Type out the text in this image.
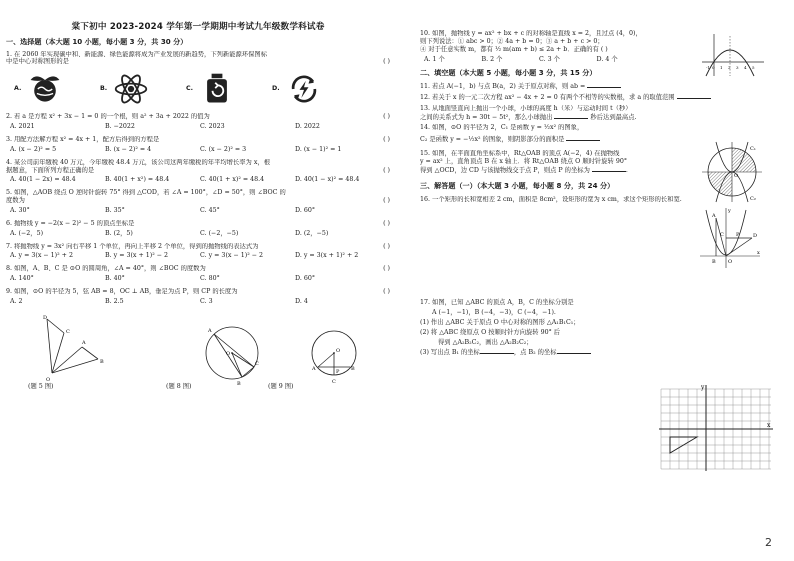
棠下初中 2023-2024 学年第一学期期中考试九年级数学科试卷
一、选择题（本大题 10 小题，每小题 3 分，共 30 分）
1. 在 2060 年实现碳中和、新能源、绿色能源将成为产业发展的新趋势，下列新能源环保图标
中是中心对称图形的是	( )
A.	B.	C.	D.
2. 若 a 是方程 x² + 3x − 1 = 0 的一个根，则 a² + 3a + 2022 的值为	( )
A. 2021	B. −2022	C. 2023	D. 2022
3. 用配方法解方程 x² = 4x + 1，配方后得到的方程是	( )
A. (x − 2)² = 5	B. (x − 2)² = 4	C. (x − 2)² = 3	D. (x − 1)² = 1
4. 某公司前年缴税 40 万元，今年缴税 48.4 万元，该公司这两年缴税的年平均增长率为 x，根
据题意，下面所列方程正确的是	( )
A. 40(1 − 2x) = 48.4	B. 40(1 + x²) = 48.4	C. 40(1 + x)² = 48.4	D. 40(1 − x)² = 48.4
5. 如图，△AOB 绕点 O 逆时针旋转 75° 得到 △COD，若 ∠A = 100°，∠D = 50°，则 ∠BOC 的
度数为	( )
A. 30°	B. 35°	C. 45°	D. 60°
6. 抛物线 y = −2(x − 2)² − 5 的顶点坐标是	( )
A. (−2，5)	B. (2，5)	C. (−2，−5)	D. (2，−5)
7. 将抛物线 y = 3x² 向右平移 1 个单位，再向上平移 2 个单位，得到的抛物线的表达式为	( )
A. y = 3(x − 1)² + 2	B. y = 3(x + 1)² − 2	C. y = 3(x − 1)² − 2	D. y = 3(x + 1)² + 2
8. 如图，A、B、C 是 ⊙O 的圆周角，∠A = 40°，则 ∠BOC 的度数为	( )
A. 140°	B. 40°	C. 80°	D. 60°
9. 如图，⊙O 的半径为 5，弦 AB = 8，OC ⊥ AB，垂足为点 P，则 CP 的长度为	( )
A. 2	B. 2.5	C. 3	D. 4
D
C
A
O
B
(题 5 图)	B
C
A
O
(题 8 图)
O
A	B
P
C
(题 9 图)
10. 如图，抛物线 y = ax² + bx + c 的对称轴是直线 x = 2，且过点 (4，0)，
则下列说法：① abc > 0；② 4a + b = 0；③ a + b + c > 0；
④ 对于任意实数 m，都有 ½ m(am + b) ≤ 2a + b．正确的有 ( )
A. 1 个	B. 2 个	C. 3 个	D. 4 个
二、填空题（本大题 5 小题，每小题 3 分，共 15 分）
11. 若点 A(−1，b) 与点 B(a，2) 关于原点对称，则 ab =
12. 若关于 x 的一元二次方程 ax² − 4x + 2 = 0 有两个不相等的实数根，求 a 的取值范围
13. 从地面竖直向上抛出一个小球，小球的高度 h（米）与运动时间 t（秒）
之间的关系式为 h = 30t − 5t²，那么小球抛出	秒后达到最高点.
14. 如图，⊙O 的半径为 2，C₁ 是函数 y = ½x² 的图象，
C₂ 是函数 y = −½x² 的图象，则阴影部分的面积是
15. 如图，在平面直角坐标系中，Rt△OAB 的顶点 A(−2，4) 在抛物线
y = ax² 上，直角顶点 B 在 x 轴上．将 Rt△OAB 绕点 O 顺时针旋转 90°
得到 △OCD，边 CD 与该抛物线交于点 P，则点 P 的坐标为	.
三、解答题（一）（本大题 3 小题，每小题 8 分，共 24 分）
16. 一个矩形的长和宽相差 2 cm，面积是 8cm²，设矩形的宽为 x cm，求这个矩形的长和宽.
17. 如图，已知 △ABC 的顶点 A，B，C 的坐标分别是
A (−1，−1)，B (−4，−3)，C (−4，−1).
(1) 作出 △ABC 关于原点 O 中心对称的图形 △A₁B₁C₁；
(2) 将 △ABC 绕原点 O 按顺时针方向旋转 90° 后
得到 △A₂B₂C₂，画出 △A₂B₂C₂；
(3) 写出点 B₁ 的坐标	，点 B₂ 的坐标
-1 0 1 2 3 4 5
C₁
O
C₂
A
D
B O
C P
x
y
y
x
2
